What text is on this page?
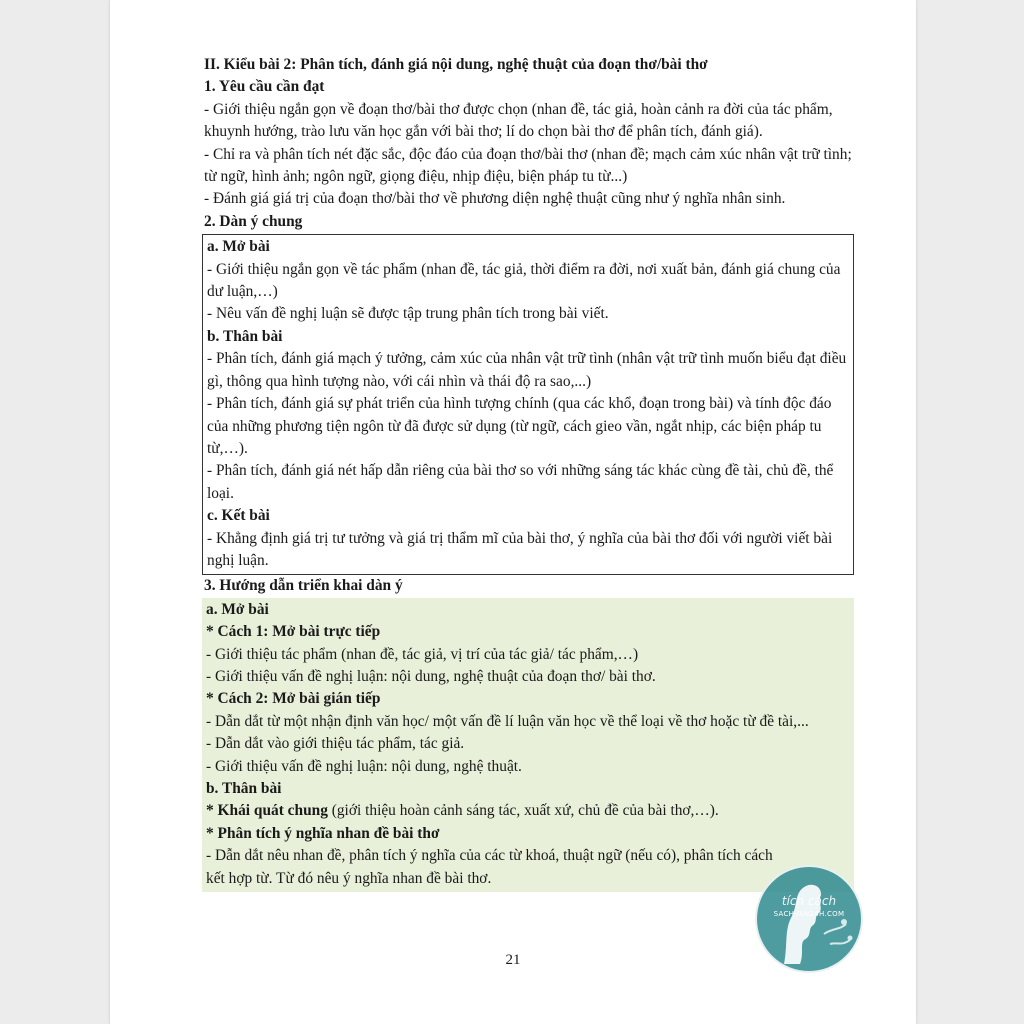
II. Kiểu bài 2: Phân tích, đánh giá nội dung, nghệ thuật của đoạn thơ/bài thơ

1. Yêu cầu cần đạt

- Giới thiệu ngắn gọn về đoạn thơ/bài thơ được chọn (nhan đề, tác giả, hoàn cảnh ra đời của tác phẩm, khuynh hướng, trào lưu văn học gắn với bài thơ; lí do chọn bài thơ để phân tích, đánh giá).

- Chỉ ra và phân tích nét đặc sắc, độc đáo của đoạn thơ/bài thơ (nhan đề; mạch cảm xúc nhân vật trữ tình; từ ngữ, hình ảnh; ngôn ngữ, giọng điệu, nhịp điệu, biện pháp tu từ...)

- Đánh giá giá trị của đoạn thơ/bài thơ về phương diện nghệ thuật cũng như ý nghĩa nhân sinh.

2. Dàn ý chung

a. Mở bài

- Giới thiệu ngắn gọn về tác phẩm (nhan đề, tác giả, thời điểm ra đời, nơi xuất bản, đánh giá chung của dư luận,…)

- Nêu vấn đề nghị luận sẽ được tập trung phân tích trong bài viết.

b. Thân bài

- Phân tích, đánh giá mạch ý tưởng, cảm xúc của nhân vật trữ tình (nhân vật trữ tình muốn biểu đạt điều gì, thông qua hình tượng nào, với cái nhìn và thái độ ra sao,...)

- Phân tích, đánh giá sự phát triển của hình tượng chính (qua các khổ, đoạn trong bài) và tính độc đáo của những phương tiện ngôn từ đã được sử dụng (từ ngữ, cách gieo vần, ngắt nhịp, các biện pháp tu từ,…).

- Phân tích, đánh giá nét hấp dẫn riêng của bài thơ so với những sáng tác khác cùng đề tài, chủ đề, thể loại.

c. Kết bài

- Khẳng định giá trị tư tưởng và giá trị thẩm mĩ của bài thơ, ý nghĩa của bài thơ đối với người viết bài nghị luận.

3. Hướng dẫn triển khai dàn ý

a. Mở bài

* Cách 1: Mở bài trực tiếp

- Giới thiệu tác phẩm (nhan đề, tác giả, vị trí của tác giả/ tác phẩm,…)

- Giới thiệu vấn đề nghị luận: nội dung, nghệ thuật của đoạn thơ/ bài thơ.

* Cách 2: Mở bài gián tiếp

- Dẫn dắt từ một nhận định văn học/ một vấn đề lí luận văn học về thể loại về thơ hoặc từ đề tài,...

- Dẫn dắt vào giới thiệu tác phẩm, tác giả.

- Giới thiệu vấn đề nghị luận: nội dung, nghệ thuật.

b. Thân bài

* Khái quát chung (giới thiệu hoàn cảnh sáng tác, xuất xứ, chủ đề của bài thơ,…).

* Phân tích ý nghĩa nhan đề bài thơ

- Dẫn dắt nêu nhan đề, phân tích ý nghĩa của các từ khoá, thuật ngữ (nếu có), phân tích cách kết hợp từ. Từ đó nêu ý nghĩa nhan đề bài thơ.

21
tích cách
SACHVAN24H.COM
